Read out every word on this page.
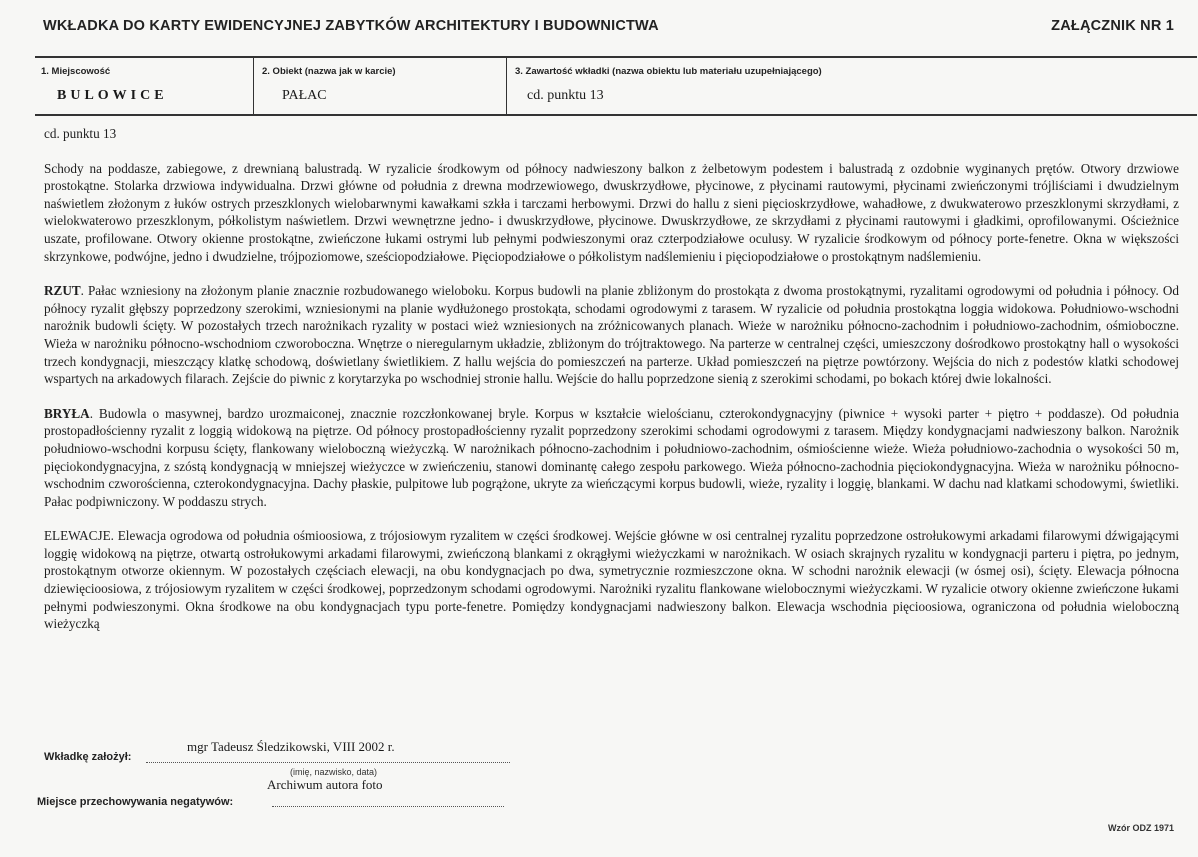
WKŁADKA DO KARTY EWIDENCYJNEJ ZABYTKÓW ARCHITEKTURY I BUDOWNICTWA	ZAŁĄCZNIK NR 1
1. Miejscowość
BULOWICE
2. Obiekt (nazwa jak w karcie)
PAŁAC
3. Zawartość wkładki (nazwa obiektu lub materiału uzupełniającego)
cd. punktu 13

cd. punktu 13

Schody na poddasze, zabiegowe, z drewnianą balustradą. W ryzalicie środkowym od północy nadwieszony balkon z żelbetowym podestem i balustradą z ozdobnie wyginanych prętów. Otwory drzwiowe prostokątne. Stolarka drzwiowa indywidualna. Drzwi główne od południa z drewna modrzewiowego, dwuskrzydłowe, płycinowe, z płycinami rautowymi, płycinami zwieńczonymi trójliściami i dwudzielnym naświetlem złożonym z łuków ostrych przeszklonych wielobarwnymi kawałkami szkła i tarczami herbowymi. Drzwi do hallu z sieni pięcioskrzydłowe, wahadłowe, z dwukwaterowo przeszklonymi skrzydłami, z wielokwaterowo przeszklonym, półkolistym naświetlem. Drzwi wewnętrzne jedno- i dwuskrzydłowe, płycinowe. Dwuskrzydłowe, ze skrzydłami z płycinami rautowymi i gładkimi, oprofilowanymi. Ościeżnice uszate, profilowane. Otwory okienne prostokątne, zwieńczone łukami ostrymi lub pełnymi podwieszonymi oraz czterpodziałowe oculusy. W ryzalicie środkowym od północy porte-fenetre. Okna w większości skrzynkowe, podwójne, jedno i dwudzielne, trójpoziomowe, sześciopodziałowe. Pięciopodziałowe o półkolistym nadślemieniu i pięciopodziałowe o prostokątnym nadślemieniu.

RZUT. Pałac wzniesiony na złożonym planie znacznie rozbudowanego wieloboku. Korpus budowli na planie zbliżonym do prostokąta z dwoma prostokątnymi, ryzalitami ogrodowymi od południa i północy. Od północy ryzalit głębszy poprzedzony szerokimi, wzniesionymi na planie wydłużonego prostokąta, schodami ogrodowymi z tarasem. W ryzalicie od południa prostokątna loggia widokowa. Południowo-wschodni narożnik budowli ścięty. W pozostałych trzech narożnikach ryzality w postaci wież wzniesionych na zróżnicowanych planach. Wieże w narożniku północno-zachodnim i południowo-zachodnim, ośmioboczne. Wieża w narożniku północno-wschodniom czworoboczna. Wnętrze o nieregularnym układzie, zbliżonym do trójtraktowego. Na parterze w centralnej części, umieszczony dośrodkowo prostokątny hall o wysokości trzech kondygnacji, mieszczący klatkę schodową, doświetlany świetlikiem. Z hallu wejścia do pomieszczeń na parterze. Układ pomieszczeń na piętrze powtórzony. Wejścia do nich z podestów klatki schodowej wspartych na arkadowych filarach. Zejście do piwnic z korytarzyka po wschodniej stronie hallu. Wejście do hallu poprzedzone sienią z szerokimi schodami, po bokach której dwie lokalności.

BRYŁA. Budowla o masywnej, bardzo urozmaiconej, znacznie rozczłonkowanej bryle. Korpus w kształcie wielościanu, czterokondygnacyjny (piwnice + wysoki parter + piętro + poddasze). Od południa prostopadłościenny ryzalit z loggią widokową na piętrze. Od północy prostopadłościenny ryzalit poprzedzony szerokimi schodami ogrodowymi z tarasem. Między kondygnacjami nadwieszony balkon. Narożnik południowo-wschodni korpusu ścięty, flankowany wieloboczną wieżyczką. W narożnikach północno-zachodnim i południowo-zachodnim, ośmiościenne wieże. Wieża południowo-zachodnia o wysokości 50 m, pięciokondygnacyjna, z szóstą kondygnacją w mniejszej wieżyczce w zwieńczeniu, stanowi dominantę całego zespołu parkowego. Wieża północno-zachodnia pięciokondygnacyjna. Wieża w narożniku północno-wschodnim czworościenna, czterokondygnacyjna. Dachy płaskie, pulpitowe lub pogrążone, ukryte za wieńczącymi korpus budowli, wieże, ryzality i loggię, blankami. W dachu nad klatkami schodowymi, świetliki. Pałac podpiwniczony. W poddaszu strych.

ELEWACJE. Elewacja ogrodowa od południa ośmioosiowa, z trójosiowym ryzalitem w części środkowej. Wejście główne w osi centralnej ryzalitu poprzedzone ostrołukowymi arkadami filarowymi dźwigającymi loggię widokową na piętrze, otwartą ostrołukowymi arkadami filarowymi, zwieńczoną blankami z okrągłymi wieżyczkami w narożnikach. W osiach skrajnych ryzalitu w kondygnacji parteru i piętra, po jednym, prostokątnym otworze okiennym. W pozostałych częściach elewacji, na obu kondygnacjach po dwa, symetrycznie rozmieszczone okna. W schodni narożnik elewacji (w ósmej osi), ścięty. Elewacja północna dziewięcioosiowa, z trójosiowym ryzalitem w części środkowej, poprzedzonym schodami ogrodowymi. Narożniki ryzalitu flankowane wielobocznymi wieżyczkami. W ryzalicie otwory okienne zwieńczone łukami pełnymi podwieszonymi. Okna środkowe na obu kondygnacjach typu porte-fenetre. Pomiędzy kondygnacjami nadwieszony balkon. Elewacja wschodnia pięcioosiowa, ograniczona od południa wieloboczną wieżyczką

Wkładkę założył:
mgr Tadeusz Śledzikowski, VIII 2002 r.
(imię, nazwisko, data)
Archiwum autora foto
Miejsce przechowywania negatywów:
Wzór ODZ 1971
